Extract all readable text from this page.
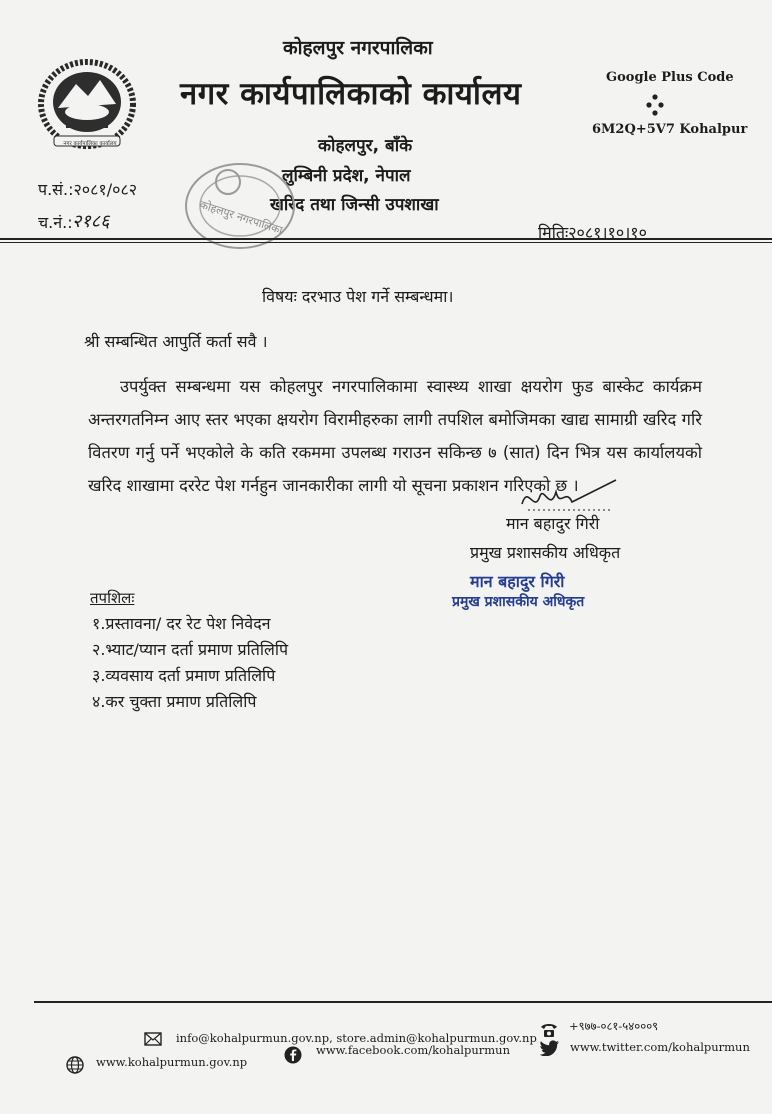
नगर कार्यपालिका कार्यालय
कोहलपुर नगरपालिका
नगर कार्यपालिकाको कार्यालय
कोहलपुर, बाँके
लुम्बिनी प्रदेश, नेपाल
खरिद तथा जिन्सी उपशाखा
Google Plus Code
6M2Q+5V7 Kohalpur
कोहलपुर नगरपालिका
प.सं.:२०८१/०८२
च.नं.: २१८६
मितिः२०८१।१०।१०
विषयः दरभाउ पेश गर्ने सम्बन्धमा।
श्री सम्बन्धित आपुर्ति कर्ता सवै ।
उपर्युक्त सम्बन्धमा यस कोहलपुर नगरपालिकामा स्वास्थ्य शाखा क्षयरोग फुड बास्केट कार्यक्रम अन्तरगतनिम्न आए स्तर भएका क्षयरोग विरामीहरुका लागी तपशिल बमोजिमका खाद्य सामाग्री खरिद गरि वितरण गर्नु पर्ने भएकोले के कति रकममा उपलब्ध गराउन सकिन्छ ७ (सात) दिन भित्र यस कार्यालयको खरिद शाखामा दररेट पेश गर्नहुन जानकारीका लागी यो सूचना प्रकाशन गरिएको छ ।
मान बहादुर गिरी
प्रमुख प्रशासकीय अधिकृत
मान बहादुर गिरी
प्रमुख प्रशासकीय अधिकृत
तपशिलः
१.प्रस्तावना/ दर रेट पेश निवेदन
२.भ्याट/प्यान दर्ता प्रमाण प्रतिलिपि
३.व्यवसाय दर्ता प्रमाण प्रतिलिपि
४.कर चुक्ता प्रमाण प्रतिलिपि
info@kohalpurmun.gov.np, store.admin@kohalpurmun.gov.np
+९७७-०८१-५४०००९
www.kohalpurmun.gov.np
www.facebook.com/kohalpurmun	www.twitter.com/kohalpurmun
